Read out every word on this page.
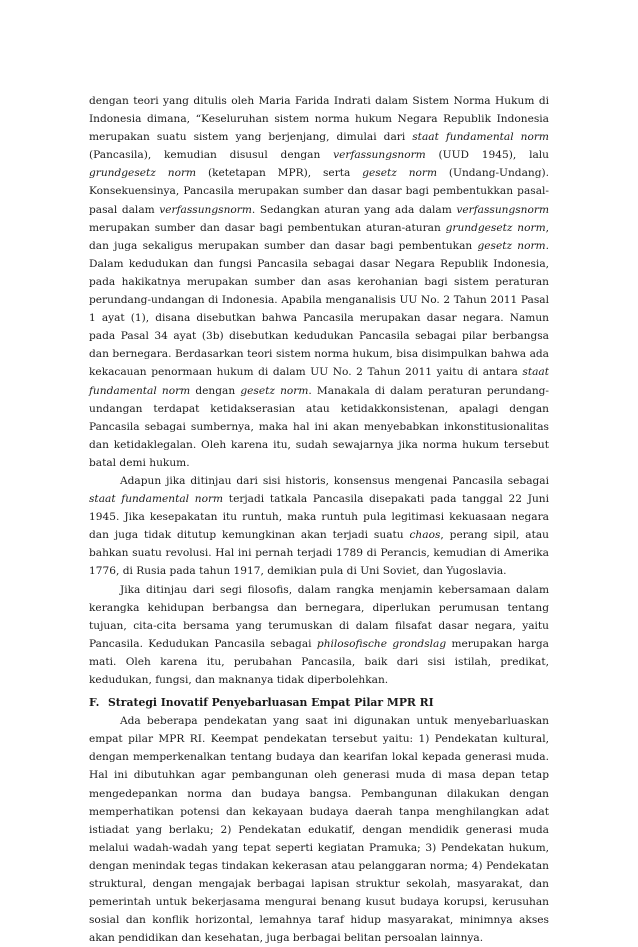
dengan teori yang ditulis oleh Maria Farida Indrati dalam Sistem Norma Hukum di Indonesia dimana, “Keseluruhan sistem norma hukum Negara Republik Indonesia merupakan suatu sistem yang berjenjang, dimulai dari staat fundamental norm (Pancasila), kemudian disusul dengan verfassungsnorm (UUD 1945), lalu grundgesetz norm (ketetapan MPR), serta gesetz norm (Undang-Undang). Konsekuensinya, Pancasila merupakan sumber dan dasar bagi pembentukkan pasal-pasal dalam verfassungsnorm. Sedangkan aturan yang ada dalam verfassungsnorm merupakan sumber dan dasar bagi pembentukan aturan-aturan grundgesetz norm, dan juga sekaligus merupakan sumber dan dasar bagi pembentukan gesetz norm. Dalam kedudukan dan fungsi Pancasila sebagai dasar Negara Republik Indonesia, pada hakikatnya merupakan sumber dan asas kerohanian bagi sistem peraturan perundang-undangan di Indonesia. Apabila menganalisis UU No. 2 Tahun 2011 Pasal 1 ayat (1), disana disebutkan bahwa Pancasila merupakan dasar negara. Namun pada Pasal 34 ayat (3b) disebutkan kedudukan Pancasila sebagai pilar berbangsa dan bernegara. Berdasarkan teori sistem norma hukum, bisa disimpulkan bahwa ada kekacauan penormaan hukum di dalam UU No. 2 Tahun 2011 yaitu di antara staat fundamental norm dengan gesetz norm. Manakala di dalam peraturan perundang-undangan terdapat ketidakserasian atau ketidakkonsistenan, apalagi dengan Pancasila sebagai sumbernya, maka hal ini akan menyebabkan inkonstitusionalitas dan ketidaklegalan. Oleh karena itu, sudah sewajarnya jika norma hukum tersebut batal demi hukum.

Adapun jika ditinjau dari sisi historis, konsensus mengenai Pancasila sebagai staat fundamental norm terjadi tatkala Pancasila disepakati pada tanggal 22 Juni 1945. Jika kesepakatan itu runtuh, maka runtuh pula legitimasi kekuasaan negara dan juga tidak ditutup kemungkinan akan terjadi suatu chaos, perang sipil, atau bahkan suatu revolusi. Hal ini pernah terjadi 1789 di Perancis, kemudian di Amerika 1776, di Rusia pada tahun 1917, demikian pula di Uni Soviet, dan Yugoslavia.

Jika ditinjau dari segi filosofis, dalam rangka menjamin kebersamaan dalam kerangka kehidupan berbangsa dan bernegara, diperlukan perumusan tentang tujuan, cita-cita bersama yang terumuskan di dalam filsafat dasar negara, yaitu Pancasila. Kedudukan Pancasila sebagai philosofische grondslag merupakan harga mati. Oleh karena itu, perubahan Pancasila, baik dari sisi istilah, predikat, kedudukan, fungsi, dan maknanya tidak diperbolehkan.

F. Strategi Inovatif Penyebarluasan Empat Pilar MPR RI

Ada beberapa pendekatan yang saat ini digunakan untuk menyebarluaskan empat pilar MPR RI. Keempat pendekatan tersebut yaitu: 1) Pendekatan kultural, dengan memperkenalkan tentang budaya dan kearifan lokal kepada generasi muda. Hal ini dibutuhkan agar pembangunan oleh generasi muda di masa depan tetap mengedepankan norma dan budaya bangsa. Pembangunan dilakukan dengan memperhatikan potensi dan kekayaan budaya daerah tanpa menghilangkan adat istiadat yang berlaku; 2) Pendekatan edukatif, dengan mendidik generasi muda melalui wadah-wadah yang tepat seperti kegiatan Pramuka; 3) Pendekatan hukum, dengan menindak tegas tindakan kekerasan atau pelanggaran norma; 4) Pendekatan struktural, dengan mengajak berbagai lapisan struktur sekolah, masyarakat, dan pemerintah untuk bekerjasama mengurai benang kusut budaya korupsi, kerusuhan sosial dan konflik horizontal, lemahnya taraf hidup masyarakat, minimnya akses akan pendidikan dan kesehatan, juga berbagai belitan persoalan lainnya.
